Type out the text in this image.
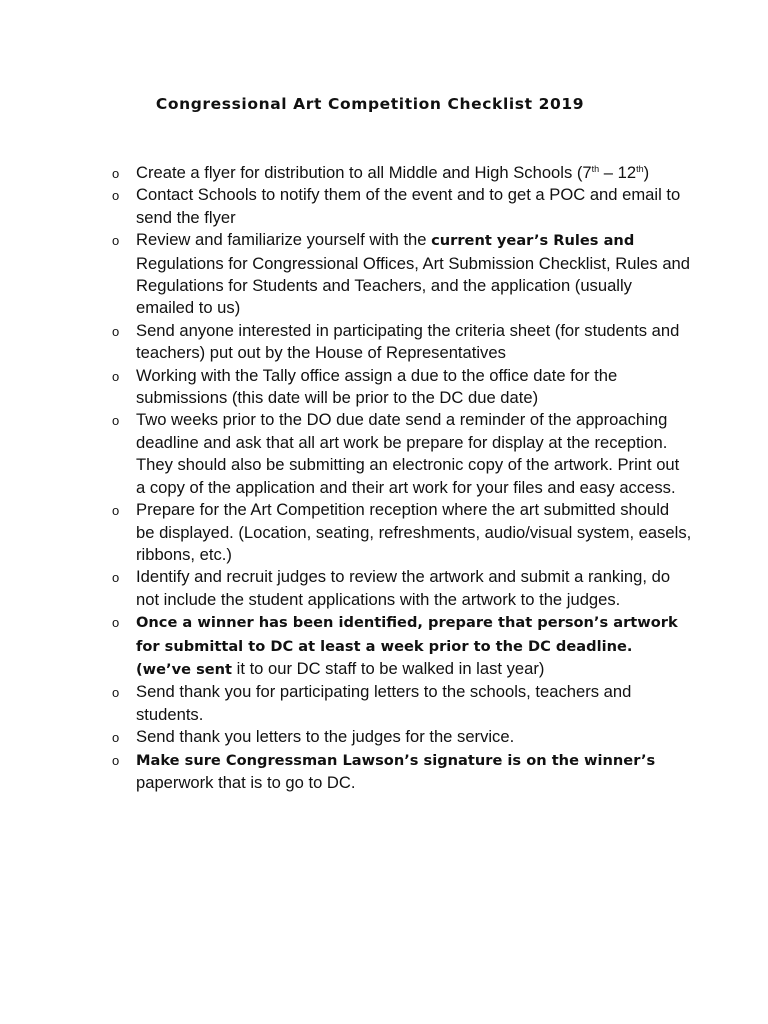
Congressional Art Competition Checklist 2019
o Create a flyer for distribution to all Middle and High Schools (7th – 12th)
o Contact Schools to notify them of the event and to get a POC and email to send the flyer
o Review and familiarize yourself with the current year’s Rules and Regulations for Congressional Offices, Art Submission Checklist, Rules and Regulations for Students and Teachers, and the application (usually emailed to us)
o Send anyone interested in participating the criteria sheet (for students and teachers) put out by the House of Representatives
o Working with the Tally office assign a due to the office date for the submissions (this date will be prior to the DC due date)
o Two weeks prior to the DO due date send a reminder of the approaching deadline and ask that all art work be prepare for display at the reception. They should also be submitting an electronic copy of the artwork. Print out a copy of the application and their art work for your files and easy access.
o Prepare for the Art Competition reception where the art submitted should be displayed. (Location, seating, refreshments, audio/visual system, easels, ribbons, etc.)
o Identify and recruit judges to review the artwork and submit a ranking, do not include the student applications with the artwork to the judges.
o Once a winner has been identified, prepare that person’s artwork for submittal to DC at least a week prior to the DC deadline. (we’ve sent it to our DC staff to be walked in last year)
o Send thank you for participating letters to the schools, teachers and students.
o Send thank you letters to the judges for the service.
o Make sure Congressman Lawson’s signature is on the winner’s paperwork that is to go to DC.
